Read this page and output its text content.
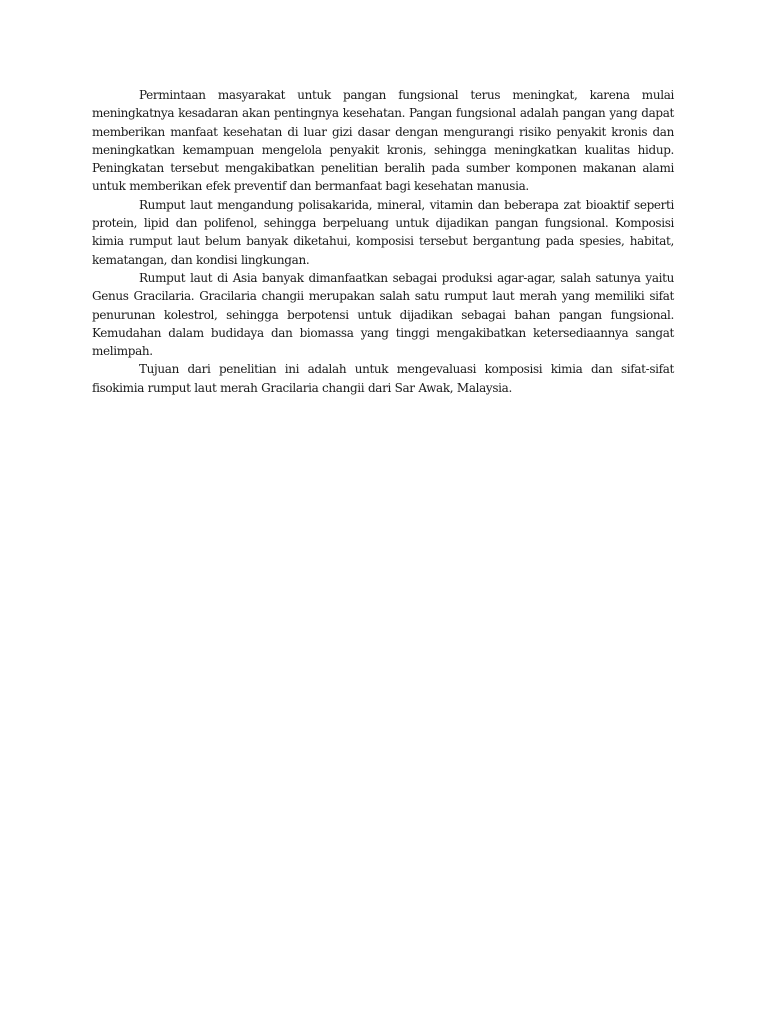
Permintaan masyarakat untuk pangan fungsional terus meningkat, karena mulai meningkatnya kesadaran akan pentingnya kesehatan. Pangan fungsional adalah pangan yang dapat memberikan manfaat kesehatan di luar gizi dasar dengan mengurangi risiko penyakit kronis dan meningkatkan kemampuan mengelola penyakit kronis, sehingga meningkatkan kualitas hidup. Peningkatan tersebut mengakibatkan penelitian beralih pada sumber komponen makanan alami untuk memberikan efek preventif dan bermanfaat bagi kesehatan manusia.

Rumput laut mengandung polisakarida, mineral, vitamin dan beberapa zat bioaktif seperti protein, lipid dan polifenol, sehingga berpeluang untuk dijadikan pangan fungsional. Komposisi kimia rumput laut belum banyak diketahui, komposisi tersebut bergantung pada spesies, habitat, kematangan, dan kondisi lingkungan.

Rumput laut di Asia banyak dimanfaatkan sebagai produksi agar-agar, salah satunya yaitu Genus Gracilaria. Gracilaria changii merupakan salah satu rumput laut merah yang memiliki sifat penurunan kolestrol, sehingga berpotensi untuk dijadikan sebagai bahan pangan fungsional. Kemudahan dalam budidaya dan biomassa yang tinggi mengakibatkan ketersediaannya sangat melimpah.

Tujuan dari penelitian ini adalah untuk mengevaluasi komposisi kimia dan sifat-sifat fisokimia rumput laut merah Gracilaria changii dari Sar Awak, Malaysia.
